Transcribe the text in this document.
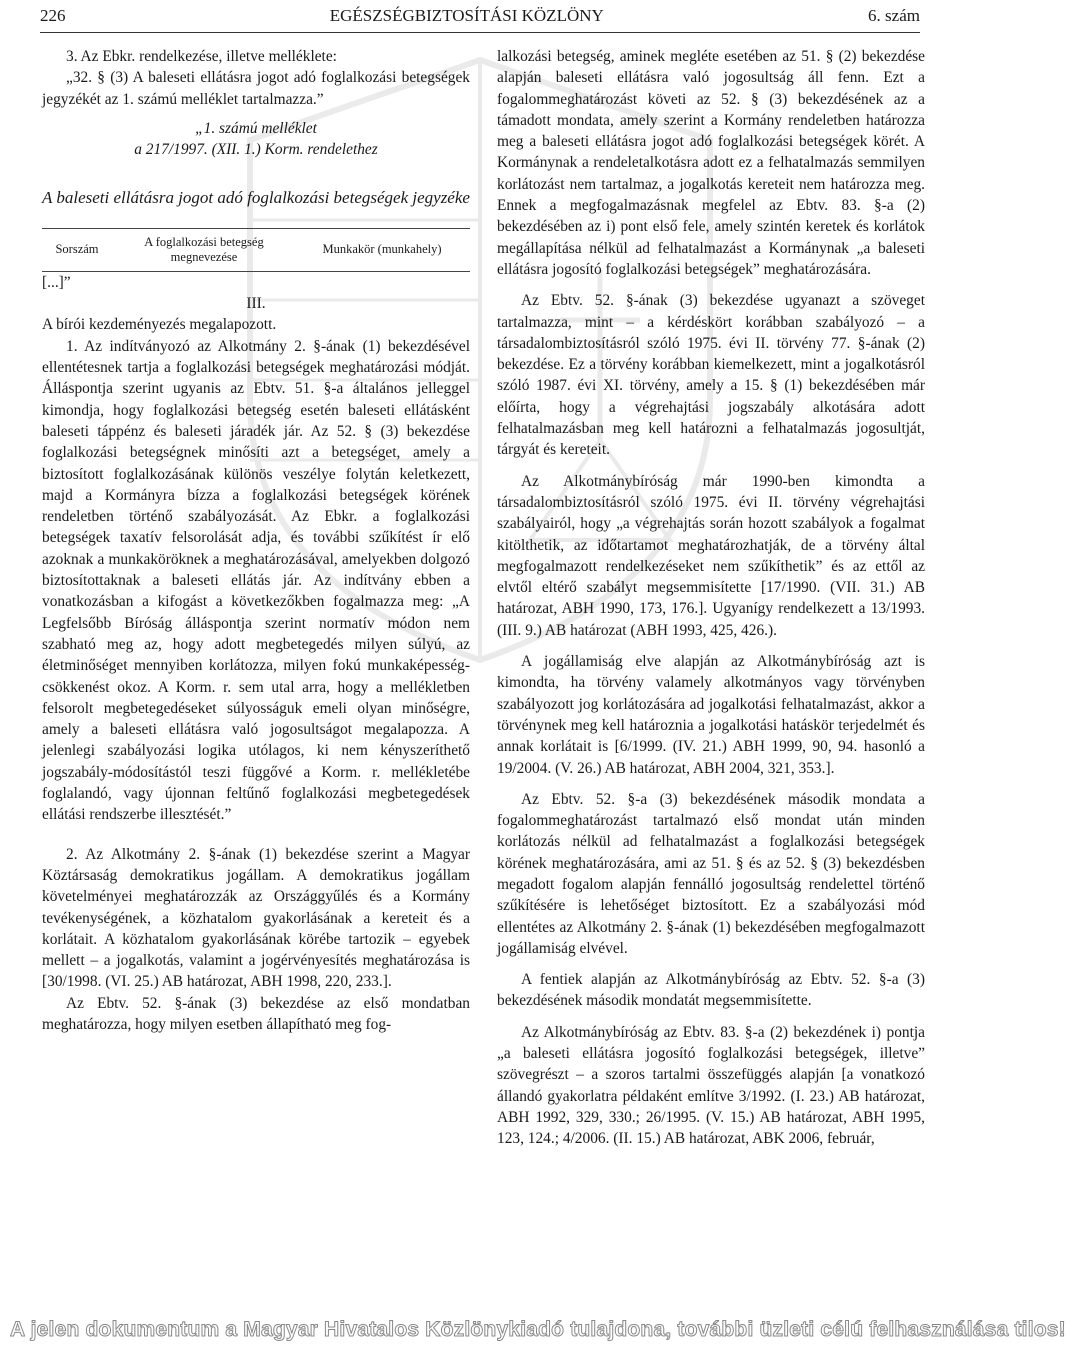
226	EGÉSZSÉGBIZTOSÍTÁSI KÖZLÖNY	6. szám

3. Az Ebkr. rendelkezése, illetve melléklete:

„32. § (3) A baleseti ellátásra jogot adó foglalkozási betegségek jegyzékét az 1. számú melléklet tartalmazza.”

„1. számú melléklet
a 217/1997. (XII. 1.) Korm. rendelethez
A baleseti ellátásra jogot adó foglalkozási betegségek jegyzéke
Sorszám
A foglalkozási betegség megnevezése
Munkakör (munkahely)

[...]”

III.

A bírói kezdeményezés megalapozott.

1. Az indítványozó az Alkotmány 2. §-ának (1) bekezdésével ellentétesnek tartja a foglalkozási betegségek meghatározási módját. Álláspontja szerint ugyanis az Ebtv. 51. §-a általános jelleggel kimondja, hogy foglalkozási betegség esetén baleseti ellátásként baleseti táppénz és baleseti járadék jár. Az 52. § (3) bekezdése foglalkozási betegségnek minősíti azt a betegséget, amely a biztosított foglalkozásának különös veszélye folytán keletkezett, majd a Kormányra bízza a foglalkozási betegségek körének rendeletben történő szabályozását. Az Ebkr. a foglalkozási betegségek taxatív felsorolását adja, és további szűkítést ír elő azoknak a munkaköröknek a meghatározásával, amelyekben dolgozó biztosítottaknak a baleseti ellátás jár. Az indítvány ebben a vonatkozásban a kifogást a következőkben fogalmazza meg: „A Legfelsőbb Bíróság álláspontja szerint normatív módon nem szabható meg az, hogy adott megbetegedés milyen súlyú, az életminőséget mennyiben korlátozza, milyen fokú munkaképesség-csökkenést okoz. A Korm. r. sem utal arra, hogy a mellékletben felsorolt megbetegedéseket súlyosságuk emeli olyan minőségre, amely a baleseti ellátásra való jogosultságot megalapozza. A jelenlegi szabályozási logika utólagos, ki nem kényszeríthető jogszabály-módosítástól teszi függővé a Korm. r. mellékletébe foglalandó, vagy újonnan feltűnő foglalkozási megbetegedések ellátási rendszerbe illesztését.”

2. Az Alkotmány 2. §-ának (1) bekezdése szerint a Magyar Köztársaság demokratikus jogállam. A demokratikus jogállam követelményei meghatározzák az Országgyűlés és a Kormány tevékenységének, a közhatalom gyakorlásának a kereteit és a korlátait. A közhatalom gyakorlásának körébe tartozik – egyebek mellett – a jogalkotás, valamint a jogérvényesítés meghatározása is [30/1998. (VI. 25.) AB határozat, ABH 1998, 220, 233.].

Az Ebtv. 52. §-ának (3) bekezdése az első mondatban meghatározza, hogy milyen esetben állapítható meg fog-

lalkozási betegség, aminek megléte esetében az 51. § (2) bekezdése alapján baleseti ellátásra való jogosultság áll fenn. Ezt a fogalommeghatározást követi az 52. § (3) bekezdésének az a támadott mondata, amely szerint a Kormány rendeletben határozza meg a baleseti ellátásra jogot adó foglalkozási betegségek körét. A Kormánynak a rendeletalkotásra adott ez a felhatalmazás semmilyen korlátozást nem tartalmaz, a jogalkotás kereteit nem határozza meg. Ennek a megfogalmazásnak megfelel az Ebtv. 83. §-a (2) bekezdésében az i) pont első fele, amely szintén keretek és korlátok megállapítása nélkül ad felhatalmazást a Kormánynak „a baleseti ellátásra jogosító foglalkozási betegségek” meghatározására.

Az Ebtv. 52. §-ának (3) bekezdése ugyanazt a szöveget tartalmazza, mint – a kérdéskört korábban szabályozó – a társadalombiztosításról szóló 1975. évi II. törvény 77. §-ának (2) bekezdése. Ez a törvény korábban kiemelkezett, mint a jogalkotásról szóló 1987. évi XI. törvény, amely a 15. § (1) bekezdésében már előírta, hogy a végrehajtási jogszabály alkotására adott felhatalmazásban meg kell határozni a felhatalmazás jogosultját, tárgyát és kereteit.

Az Alkotmánybíróság már 1990-ben kimondta a társadalombiztosításról szóló 1975. évi II. törvény végrehajtási szabályairól, hogy „a végrehajtás során hozott szabályok a fogalmat kitölthetik, az időtartamot meghatározhatják, de a törvény által megfogalmazott rendelkezéseket nem szűkíthetik” és az ettől az elvtől eltérő szabályt megsemmisítette [17/1990. (VII. 31.) AB határozat, ABH 1990, 173, 176.]. Ugyanígy rendelkezett a 13/1993. (III. 9.) AB határozat (ABH 1993, 425, 426.).

A jogállamiság elve alapján az Alkotmánybíróság azt is kimondta, ha törvény valamely alkotmányos vagy törvényben szabályozott jog korlátozására ad jogalkotási felhatalmazást, akkor a törvénynek meg kell határoznia a jogalkotási hatáskör terjedelmét és annak korlátait is [6/1999. (IV. 21.) ABH 1999, 90, 94. hasonló a 19/2004. (V. 26.) AB határozat, ABH 2004, 321, 353.].

Az Ebtv. 52. §-a (3) bekezdésének második mondata a fogalommeghatározást tartalmazó első mondat után minden korlátozás nélkül ad felhatalmazást a foglalkozási betegségek körének meghatározására, ami az 51. § és az 52. § (3) bekezdésben megadott fogalom alapján fennálló jogosultság rendelettel történő szűkítésére is lehetőséget biztosított. Ez a szabályozási mód ellentétes az Alkotmány 2. §-ának (1) bekezdésében megfogalmazott jogállamiság elvével.

A fentiek alapján az Alkotmánybíróság az Ebtv. 52. §-a (3) bekezdésének második mondatát megsemmisítette.

Az Alkotmánybíróság az Ebtv. 83. §-a (2) bekezdének i) pontja „a baleseti ellátásra jogosító foglalkozási betegségek, illetve” szövegrészt – a szoros tartalmi összefüggés alapján [a vonatkozó állandó gyakorlatra példaként említve 3/1992. (I. 23.) AB határozat, ABH 1992, 329, 330.; 26/1995. (V. 15.) AB határozat, ABH 1995, 123, 124.; 4/2006. (II. 15.) AB határozat, ABK 2006, február,

A jelen dokumentum a Magyar Hivatalos Közlönykiadó tulajdona, további üzleti célú felhasználása tilos!
